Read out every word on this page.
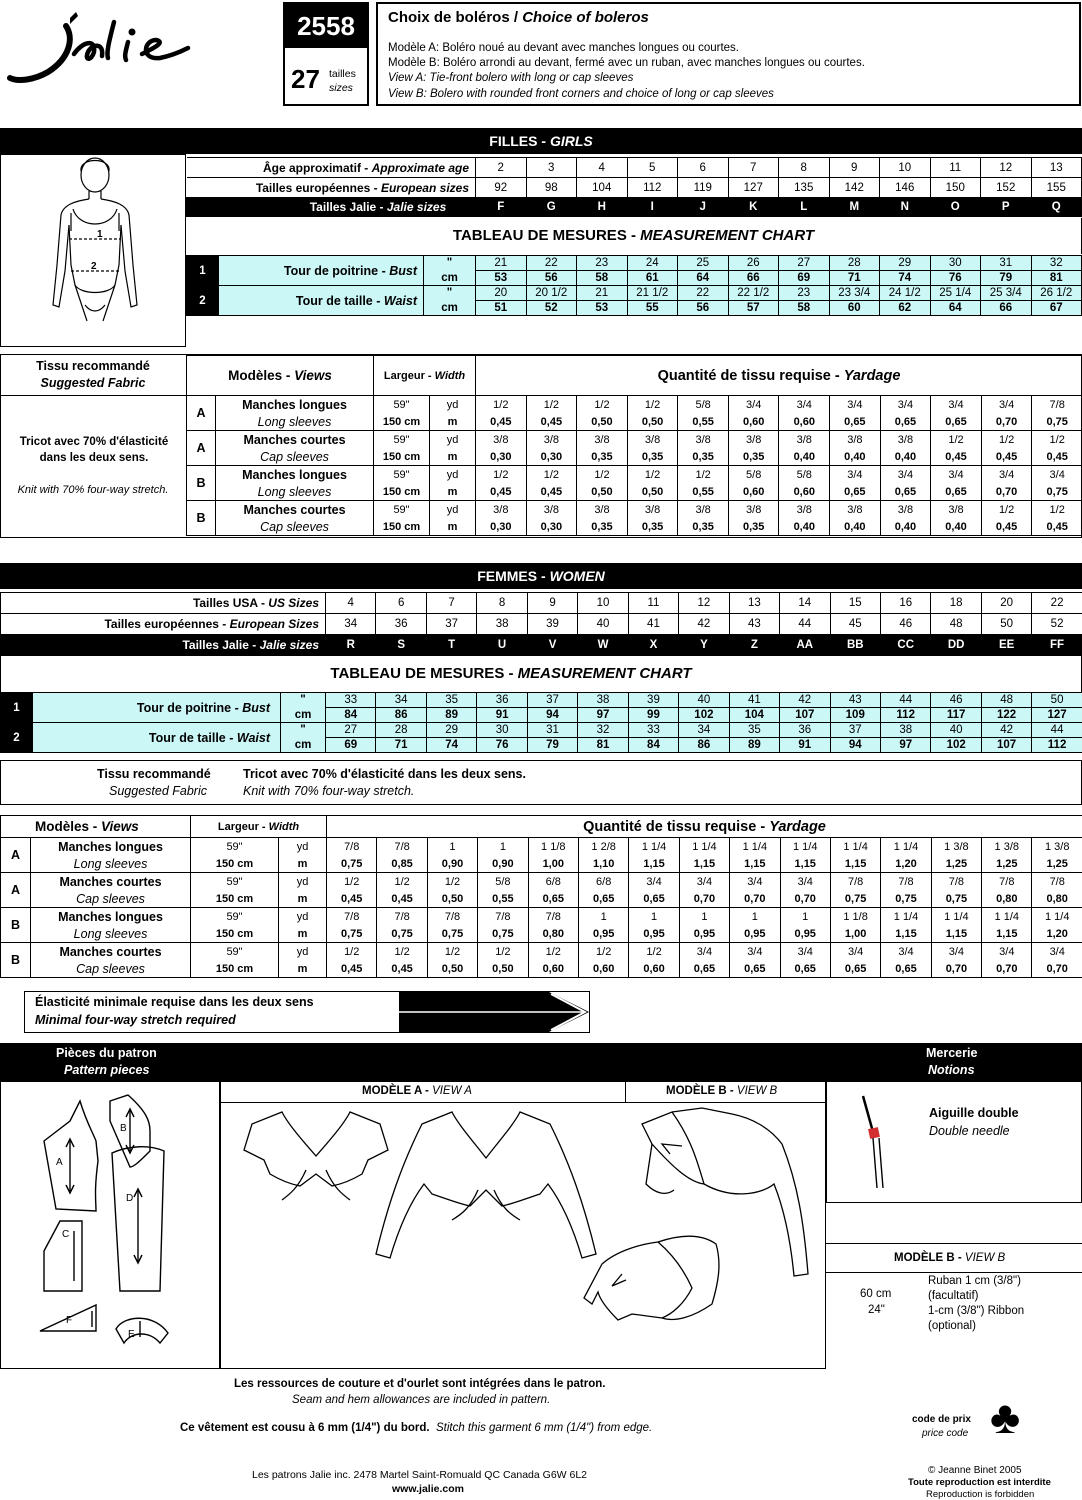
2558
27 tailles
sizes
Choix de boléros / Choice of boleros
Modèle A: Boléro noué au devant avec manches longues ou courtes.
Modèle B: Boléro arrondi au devant, fermé avec un ruban, avec manches longues ou courtes.
View A: Tie-front bolero with long or cap sleeves
View B: Bolero with rounded front corners and choice of long or cap sleeves
FILLES - GIRLS
1
2
Âge approximatif - Approximate age	2	3	4	5	6	7	8	9	10	11	12	13
Tailles européennes - European sizes	92	98	104	112	119	127	135	142	146	150	152	155
Tailles Jalie - Jalie sizes	F	G	H	I	J	K	L	M	N	O	P	Q
TABLEAU DE MESURES - MEASUREMENT CHART
1	Tour de poitrine - Bust	"	21	22	23	24	25	26	27	28	29	30	31	32
		cm	53	56	58	61	64	66	69	71	74	76	79	81
2	Tour de taille - Waist	"	20	20 1/2	21	21 1/2	22	22 1/2	23	23 3/4	24 1/2	25 1/4	25 3/4	26 1/2
		cm	51	52	53	55	56	57	58	60	62	64	66	67
Tissu recommandé
Suggested Fabric
Tricot avec 70% d'élasticité dans les deux sens.
Knit with 70% four-way stretch.
Modèles - Views		Largeur - Width		Quantité de tissu requise - Yardage											
A	Manches longues	59"	yd	1/2	1/2	1/2	1/2	5/8	3/4	3/4	3/4	3/4	3/4	3/4	7/8
	Long sleeves	150 cm	m	0,45	0,45	0,50	0,50	0,55	0,60	0,60	0,65	0,65	0,65	0,70	0,75
A	Manches courtes	59"	yd	3/8	3/8	3/8	3/8	3/8	3/8	3/8	3/8	3/8	1/2	1/2	1/2
	Cap sleeves	150 cm	m	0,30	0,30	0,35	0,35	0,35	0,35	0,40	0,40	0,40	0,45	0,45	0,45
B	Manches longues	59"	yd	1/2	1/2	1/2	1/2	1/2	5/8	5/8	3/4	3/4	3/4	3/4	3/4
	Long sleeves	150 cm	m	0,45	0,45	0,50	0,50	0,55	0,60	0,60	0,65	0,65	0,65	0,70	0,75
B	Manches courtes	59"	yd	3/8	3/8	3/8	3/8	3/8	3/8	3/8	3/8	3/8	3/8	1/2	1/2
	Cap sleeves	150 cm	m	0,30	0,30	0,35	0,35	0,35	0,35	0,40	0,40	0,40	0,40	0,45	0,45
FEMMES - WOMEN
Tailles USA - US Sizes	4	6	7	8	9	10	11	12	13	14	15	16	18	20	22
Tailles européennes - European Sizes	34	36	37	38	39	40	41	42	43	44	45	46	48	50	52
Tailles Jalie - Jalie sizes	R	S	T	U	V	W	X	Y	Z	AA	BB	CC	DD	EE	FF
TABLEAU DE MESURES - MEASUREMENT CHART
1	Tour de poitrine - Bust	"	33	34	35	36	37	38	39	40	41	42	43	44	46	48	50
		cm	84	86	89	91	94	97	99	102	104	107	109	112	117	122	127
2	Tour de taille - Waist	"	27	28	29	30	31	32	33	34	35	36	37	38	40	42	44
		cm	69	71	74	76	79	81	84	86	89	91	94	97	102	107	112
Tissu recommandé
Suggested Fabric
Tricot avec 70% d'élasticité dans les deux sens.
Knit with 70% four-way stretch.
Modèles - Views		Largeur - Width		Quantité de tissu requise - Yardage														
A	Manches longues	59"	yd	7/8	7/8	1	1	1 1/8	1 2/8	1 1/4	1 1/4	1 1/4	1 1/4	1 1/4	1 1/4	1 3/8	1 3/8	1 3/8
	Long sleeves	150 cm	m	0,75	0,85	0,90	0,90	1,00	1,10	1,15	1,15	1,15	1,15	1,15	1,20	1,25	1,25	1,25
A	Manches courtes	59"	yd	1/2	1/2	1/2	5/8	6/8	6/8	3/4	3/4	3/4	3/4	7/8	7/8	7/8	7/8	7/8
	Cap sleeves	150 cm	m	0,45	0,45	0,50	0,55	0,65	0,65	0,65	0,70	0,70	0,70	0,75	0,75	0,75	0,80	0,80
B	Manches longues	59"	yd	7/8	7/8	7/8	7/8	7/8	1	1	1	1	1	1 1/8	1 1/4	1 1/4	1 1/4	1 1/4
	Long sleeves	150 cm	m	0,75	0,75	0,75	0,75	0,80	0,95	0,95	0,95	0,95	0,95	1,00	1,15	1,15	1,15	1,20
B	Manches courtes	59"	yd	1/2	1/2	1/2	1/2	1/2	1/2	1/2	3/4	3/4	3/4	3/4	3/4	3/4	3/4	3/4
	Cap sleeves	150 cm	m	0,45	0,45	0,50	0,50	0,60	0,60	0,60	0,65	0,65	0,65	0,65	0,65	0,70	0,70	0,70
Élasticité minimale requise dans les deux sens
Minimal four-way stretch required
Pièces du patron
Pattern pieces
Mercerie
Notions
A
B
C
D
E
F
MODÈLE A - VIEW A	MODÈLE B - VIEW B
Aiguille double
Double needle
MODÈLE B - VIEW B
60 cm
24"
Ruban 1 cm (3/8")
(facultatif)
1-cm (3/8") Ribbon
(optional)
Les ressources de couture et d'ourlet sont intégrées dans le patron.
Seam and hem allowances are included in pattern.
Ce vêtement est cousu à 6 mm (1/4") du bord. Stitch this garment 6 mm (1/4") from edge.
code de prix
price code ♣
Les patrons Jalie inc. 2478 Martel Saint-Romuald QC Canada G6W 6L2
www.jalie.com
© Jeanne Binet 2005
Toute reproduction est interdite
Reproduction is forbidden
